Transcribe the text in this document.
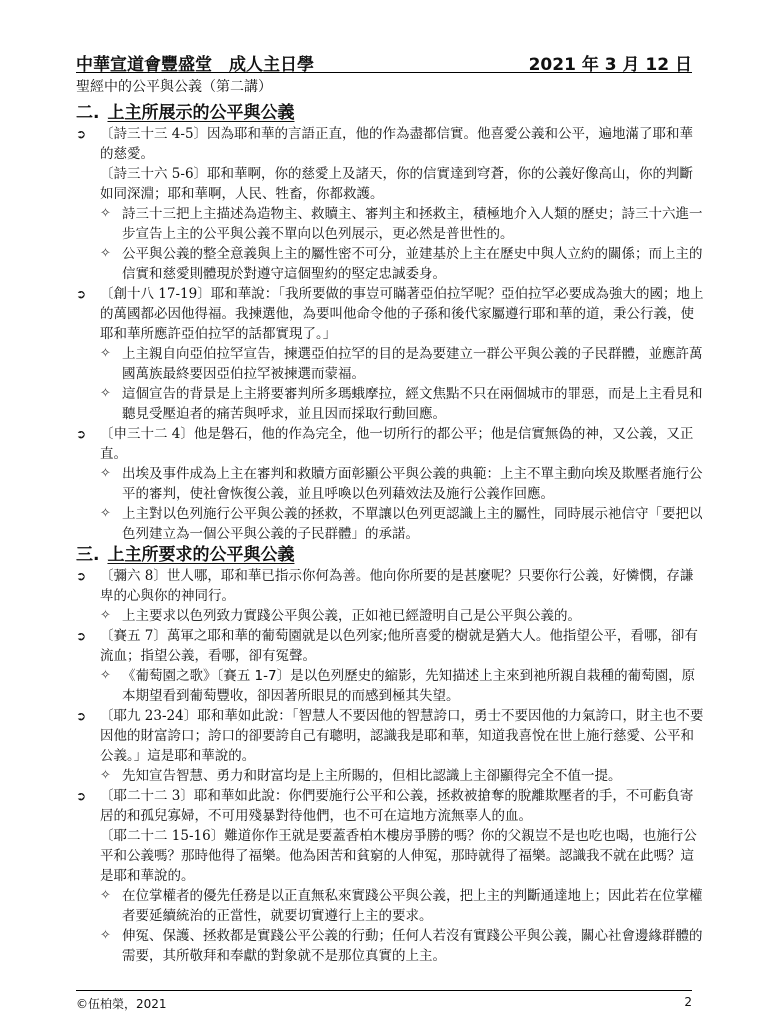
中華宣道會豐盛堂　成人主日學	2021 年 3 月 12 日
聖經中的公平與公義（第二講）
二. 上主所展示的公平與公義
➲	〔詩三十三 4-5〕因為耶和華的言語正直，他的作為盡都信實。他喜愛公義和公平，遍地滿了耶和華的慈愛。
〔詩三十六 5-6〕耶和華啊，你的慈愛上及諸天，你的信實達到穹蒼，你的公義好像高山，你的判斷如同深淵；耶和華啊，人民、牲畜，你都救護。
✧ 詩三十三把上主描述為造物主、救贖主、審判主和拯救主，積極地介入人類的歷史；詩三十六進一步宣告上主的公平與公義不單向以色列展示，更必然是普世性的。
✧ 公平與公義的整全意義與上主的屬性密不可分，並建基於上主在歷史中與人立約的關係；而上主的信實和慈愛則體現於對遵守這個聖約的堅定忠誠委身。
➲	〔創十八 17-19〕耶和華說：「我所要做的事豈可瞞著亞伯拉罕呢？亞伯拉罕必要成為強大的國；地上的萬國都必因他得福。我揀選他，為要叫他命令他的子孫和後代家屬遵行耶和華的道，秉公行義，使耶和華所應許亞伯拉罕的話都實現了。」
✧ 上主親自向亞伯拉罕宣告，揀選亞伯拉罕的目的是為要建立一群公平與公義的子民群體，並應許萬國萬族最終要因亞伯拉罕被揀選而蒙福。
✧ 這個宣告的背景是上主將要審判所多瑪蛾摩拉，經文焦點不只在兩個城市的罪惡，而是上主看見和聽見受壓迫者的痛苦與呼求，並且因而採取行動回應。
➲	〔申三十二 4〕他是磐石，他的作為完全，他一切所行的都公平；他是信實無偽的神，又公義，又正直。
✧ 出埃及事件成為上主在審判和救贖方面彰顯公平與公義的典範：上主不單主動向埃及欺壓者施行公平的審判，使社會恢復公義，並且呼喚以色列藉效法及施行公義作回應。
✧ 上主對以色列施行公平與公義的拯救，不單讓以色列更認識上主的屬性，同時展示祂信守「要把以色列建立為一個公平與公義的子民群體」的承諾。
三. 上主所要求的公平與公義
➲	〔彌六 8〕世人哪，耶和華已指示你何為善。他向你所要的是甚麼呢？只要你行公義，好憐憫，存謙卑的心與你的神同行。
✧ 上主要求以色列致力實踐公平與公義，正如祂已經證明自己是公平與公義的。
➲	〔賽五 7〕萬軍之耶和華的葡萄園就是以色列家;他所喜愛的樹就是猶大人。他指望公平，看哪，卻有流血；指望公義，看哪，卻有冤聲。
✧ 《葡萄園之歌》〔賽五 1-7〕是以色列歷史的縮影，先知描述上主來到祂所親自栽種的葡萄園，原本期望看到葡萄豐收，卻因著所眼見的而感到極其失望。
➲	〔耶九 23-24〕耶和華如此說：「智慧人不要因他的智慧誇口，勇士不要因他的力氣誇口，財主也不要因他的財富誇口；誇口的卻要誇自己有聰明，認識我是耶和華，知道我喜悅在世上施行慈愛、公平和公義。」這是耶和華說的。
✧ 先知宣告智慧、勇力和財富均是上主所賜的，但相比認識上主卻顯得完全不值一提。
➲	〔耶二十二 3〕耶和華如此說：你們要施行公平和公義，拯救被搶奪的脫離欺壓者的手，不可虧負寄居的和孤兒寡婦，不可用殘暴對待他們，也不可在這地方流無辜人的血。
〔耶二十二 15-16〕難道你作王就是要蓋香柏木樓房爭勝的嗎？你的父親豈不是也吃也喝，也施行公平和公義嗎？那時他得了福樂。他為困苦和貧窮的人伸冤，那時就得了福樂。認識我不就在此嗎？這是耶和華說的。
✧ 在位掌權者的優先任務是以正直無私來實踐公平與公義，把上主的判斷通達地上；因此若在位掌權者要延續統治的正當性，就要切實遵行上主的要求。
✧ 伸冤、保護、拯救都是實踐公平公義的行動；任何人若沒有實踐公平與公義，關心社會邊緣群體的需要，其所敬拜和奉獻的對象就不是那位真實的上主。
©伍柏榮，2021	2
